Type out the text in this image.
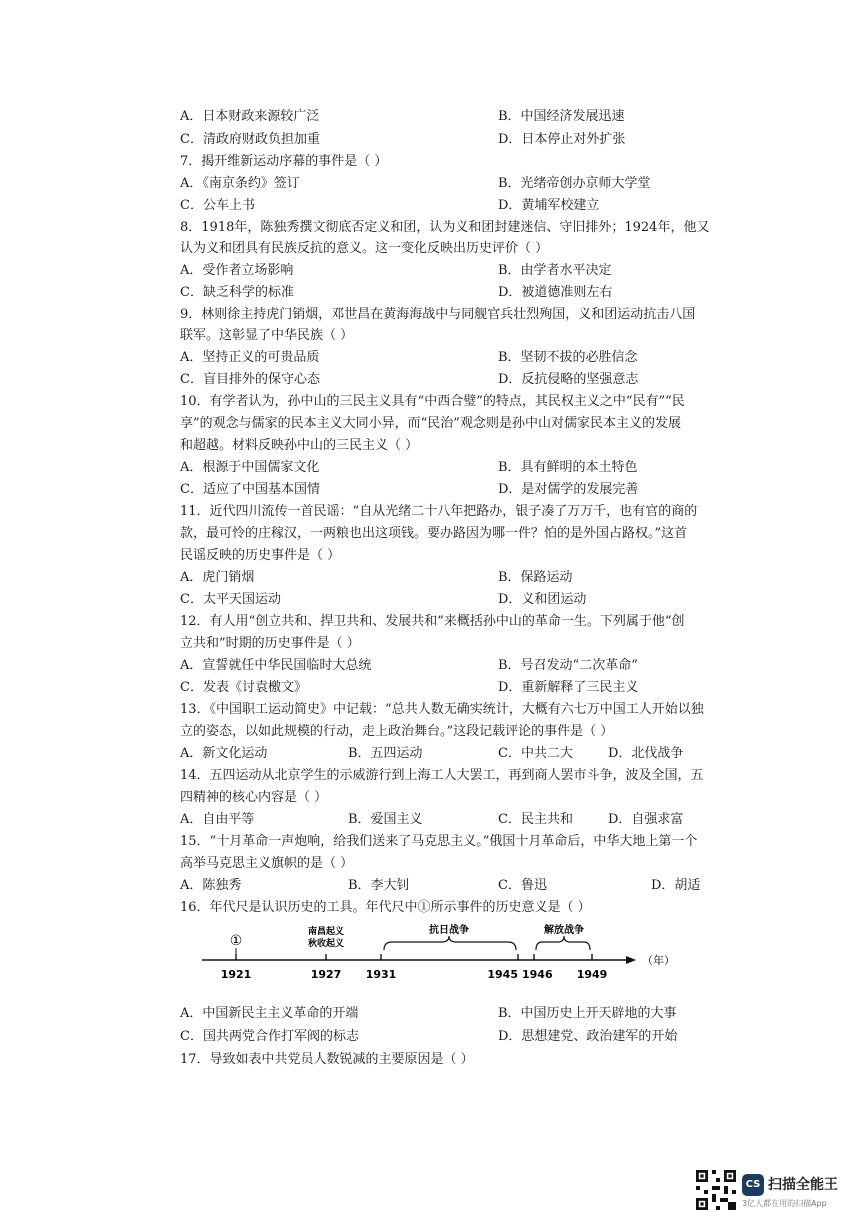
A．日本财政来源较广泛	B．中国经济发展迅速
C．清政府财政负担加重	D．日本停止对外扩张
7．揭开维新运动序幕的事件是（ ）
A．《南京条约》签订	B．光绪帝创办京师大学堂
C．公车上书	D．黄埔军校建立
8．1918年，陈独秀撰文彻底否定义和团，认为义和团封建迷信、守旧排外；1924年，他又
认为义和团具有民族反抗的意义。这一变化反映出历史评价（ ）
A．受作者立场影响	B．由学者水平决定
C．缺乏科学的标准	D．被道德准则左右
9．林则徐主持虎门销烟，邓世昌在黄海海战中与同舰官兵壮烈殉国，义和团运动抗击八国
联军。这彰显了中华民族（ ）
A．坚持正义的可贵品质	B．坚韧不拔的必胜信念
C．盲目排外的保守心态	D．反抗侵略的坚强意志
10．有学者认为，孙中山的三民主义具有“中西合璧”的特点，其民权主义之中“民有”“民
享”的观念与儒家的民本主义大同小异，而“民治”观念则是孙中山对儒家民本主义的发展
和超越。材料反映孙中山的三民主义（ ）
A．根源于中国儒家文化	B．具有鲜明的本土特色
C．适应了中国基本国情	D．是对儒学的发展完善
11．近代四川流传一首民谣：“自从光绪二十八年把路办，银子凑了万万千，也有官的商的
款，最可怜的庄稼汉，一两粮也出这项钱。要办路因为哪一件？怕的是外国占路权。”这首
民谣反映的历史事件是（ ）
A．虎门销烟	B．保路运动
C．太平天国运动	D．义和团运动
12．有人用“创立共和、捍卫共和、发展共和”来概括孙中山的革命一生。下列属于他“创
立共和”时期的历史事件是（ ）
A．宣誓就任中华民国临时大总统	B．号召发动“二次革命”
C．发表《讨袁檄文》	D．重新解释了三民主义
13．《中国职工运动简史》中记载：“总共人数无确实统计，大概有六七万中国工人开始以独
立的姿态，以如此规模的行动，走上政治舞台。”这段记载评论的事件是（ ）
A．新文化运动	B．五四运动	C．中共二大	D．北伐战争
14．五四运动从北京学生的示威游行到上海工人大罢工，再到商人罢市斗争，波及全国，五
四精神的核心内容是（ ）
A．自由平等	B．爱国主义	C．民主共和	D．自强求富
15．“十月革命一声炮响，给我们送来了马克思主义。”俄国十月革命后，中华大地上第一个
高举马克思主义旗帜的是（ ）
A．陈独秀	B．李大钊	C．鲁迅	D．胡适
16．年代尺是认识历史的工具。年代尺中①所示事件的历史意义是（ ）
①
南昌起义
秋收起义
抗日战争	解放战争
1921	1927 1931	1945 1946 1949
（年）
A．中国新民主主义革命的开端	B．中国历史上开天辟地的大事
C．国共两党合作打军阀的标志	D．思想建党、政治建军的开始
17．导致如表中共党员人数锐减的主要原因是（ ）
CS 扫描全能王
3亿人都在用的扫描App
